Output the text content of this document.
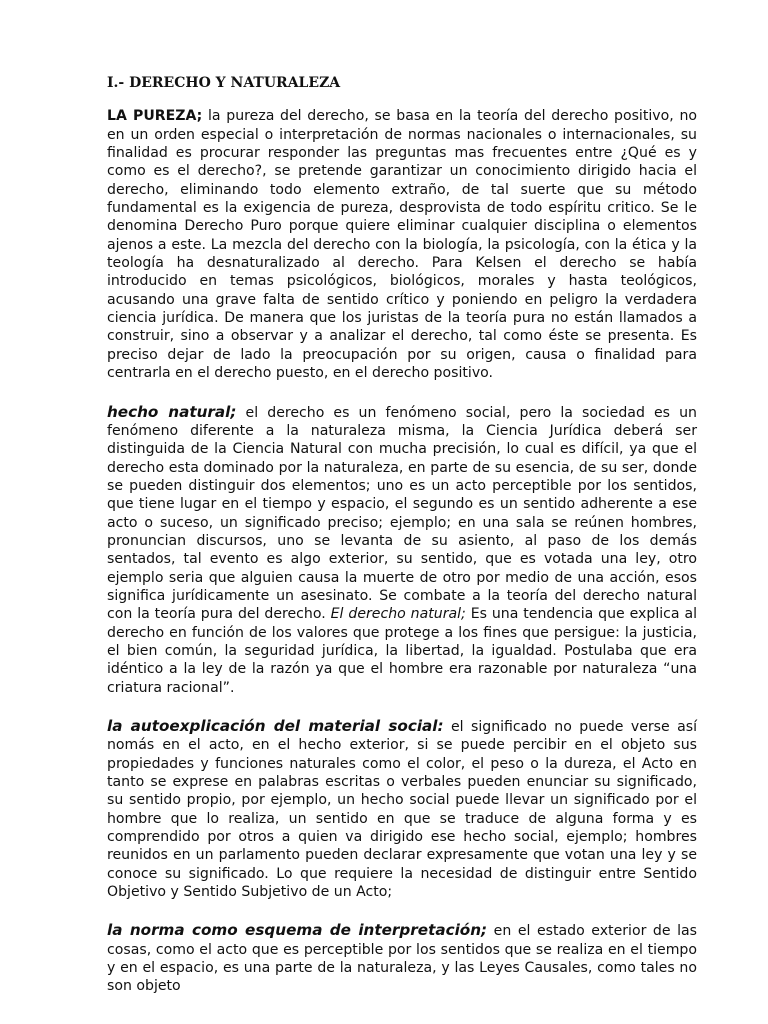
I.- DERECHO Y NATURALEZA

LA PUREZA; la pureza del derecho, se basa en la teoría del derecho positivo, no en un orden especial o interpretación de normas nacionales o internacionales, su finalidad es procurar responder las preguntas mas frecuentes entre ¿Qué es y como es el derecho?, se pretende garantizar un conocimiento dirigido hacia el derecho, eliminando todo elemento extraño, de tal suerte que su método fundamental es la exigencia de pureza, desprovista de todo espíritu critico. Se le denomina Derecho Puro porque quiere eliminar cualquier disciplina o elementos ajenos a este. La mezcla del derecho con la biología, la psicología, con la ética y la teología ha desnaturalizado al derecho. Para Kelsen el derecho se había introducido en temas psicológicos, biológicos, morales y hasta teológicos, acusando una grave falta de sentido crítico y poniendo en peligro la verdadera ciencia jurídica. De manera que los juristas de la teoría pura no están llamados a construir, sino a observar y a analizar el derecho, tal como éste se presenta. Es preciso dejar de lado la preocupación por su origen, causa o finalidad para centrarla en el derecho puesto, en el derecho positivo.

hecho natural; el derecho es un fenómeno social, pero la sociedad es un fenómeno diferente a la naturaleza misma, la Ciencia Jurídica deberá ser distinguida de la Ciencia Natural con mucha precisión, lo cual es difícil, ya que el derecho esta dominado por la naturaleza, en parte de su esencia, de su ser, donde se pueden distinguir dos elementos; uno es un acto perceptible por los sentidos, que tiene lugar en el tiempo y espacio, el segundo es un sentido adherente a ese acto o suceso, un significado preciso; ejemplo; en una sala se reúnen hombres, pronuncian discursos, uno se levanta de su asiento, al paso de los demás sentados, tal evento es algo exterior, su sentido, que es votada una ley, otro ejemplo seria que alguien causa la muerte de otro por medio de una acción, esos significa jurídicamente un asesinato. Se combate a la teoría del derecho natural con la teoría pura del derecho. El derecho natural; Es una tendencia que explica al derecho en función de los valores que protege a los fines que persigue: la justicia, el bien común, la seguridad jurídica, la libertad, la igualdad. Postulaba que era idéntico a la ley de la razón ya que el hombre era razonable por naturaleza “una criatura racional”.

la autoexplicación del material social: el significado no puede verse así nomás en el acto, en el hecho exterior, si se puede percibir en el objeto sus propiedades y funciones naturales como el color, el peso o la dureza, el Acto en tanto se exprese en palabras escritas o verbales pueden enunciar su significado, su sentido propio, por ejemplo, un hecho social puede llevar un significado por el hombre que lo realiza, un sentido en que se traduce de alguna forma y es comprendido por otros a quien va dirigido ese hecho social, ejemplo; hombres reunidos en un parlamento pueden declarar expresamente que votan una ley y se conoce su significado. Lo que requiere la necesidad de distinguir entre Sentido Objetivo y Sentido Subjetivo de un Acto;

la norma como esquema de interpretación; en el estado exterior de las cosas, como el acto que es perceptible por los sentidos que se realiza en el tiempo y en el espacio, es una parte de la naturaleza, y las Leyes Causales, como tales no son objeto
